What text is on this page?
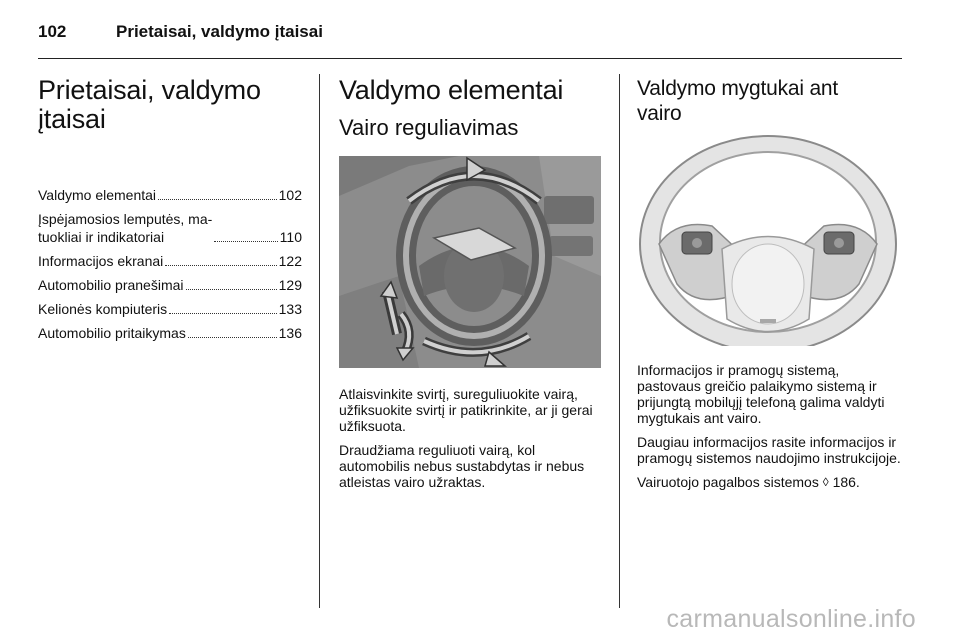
102	Prietaisai, valdymo įtaisai
Prietaisai, valdymo
įtaisai
Valdymo elementai	102
Įspėjamosios lemputės, ma-
tuokliai ir indikatoriai	110
Informacijos ekranai	122
Automobilio pranešimai	129
Kelionės kompiuteris	133
Automobilio pritaikymas	136
Valdymo elementai
Vairo reguliavimas

Atlaisvinkite svirtį, sureguliuokite vairą, užfiksuokite svirtį ir patikrinkite, ar ji gerai užfiksuota.

Draudžiama reguliuoti vairą, kol automobilis nebus sustabdytas ir nebus atleistas vairo užraktas.

Valdymo mygtukai ant
vairo

Informacijos ir pramogų sistemą, pastovaus greičio palaikymo sistemą ir prijungtą mobilųjį telefoną galima valdyti mygtukais ant vairo.

Daugiau informacijos rasite informacijos ir pramogų sistemos naudojimo instrukcijoje.

Vairuotojo pagalbos sistemos ◊ 186.

carmanualsonline.info
